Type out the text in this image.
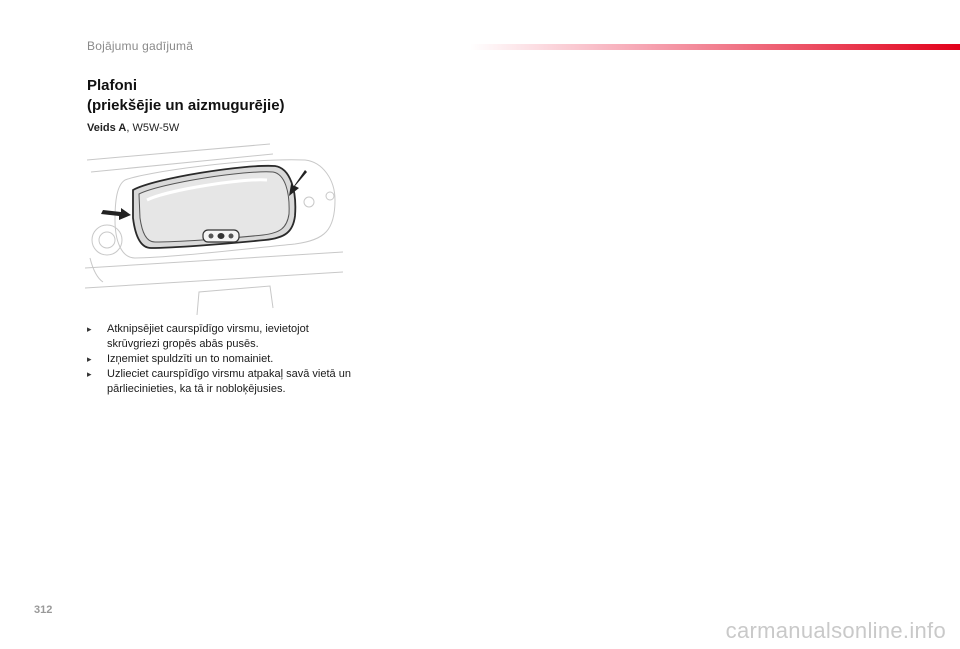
Bojājumu gadījumā
Plafoni
(priekšējie un aizmugurējie)
Veids A, W5W-5W
▸	Atknipsējiet caurspīdīgo virsmu, ievietojot skrūvgriezi gropēs abās pusēs.
▸	Izņemiet spuldzīti un to nomainiet.
▸	Uzlieciet caurspīdīgo virsmu atpakaļ savā vietā un pārliecinieties, ka tā ir nobloķējusies.
312
carmanualsonline.info
